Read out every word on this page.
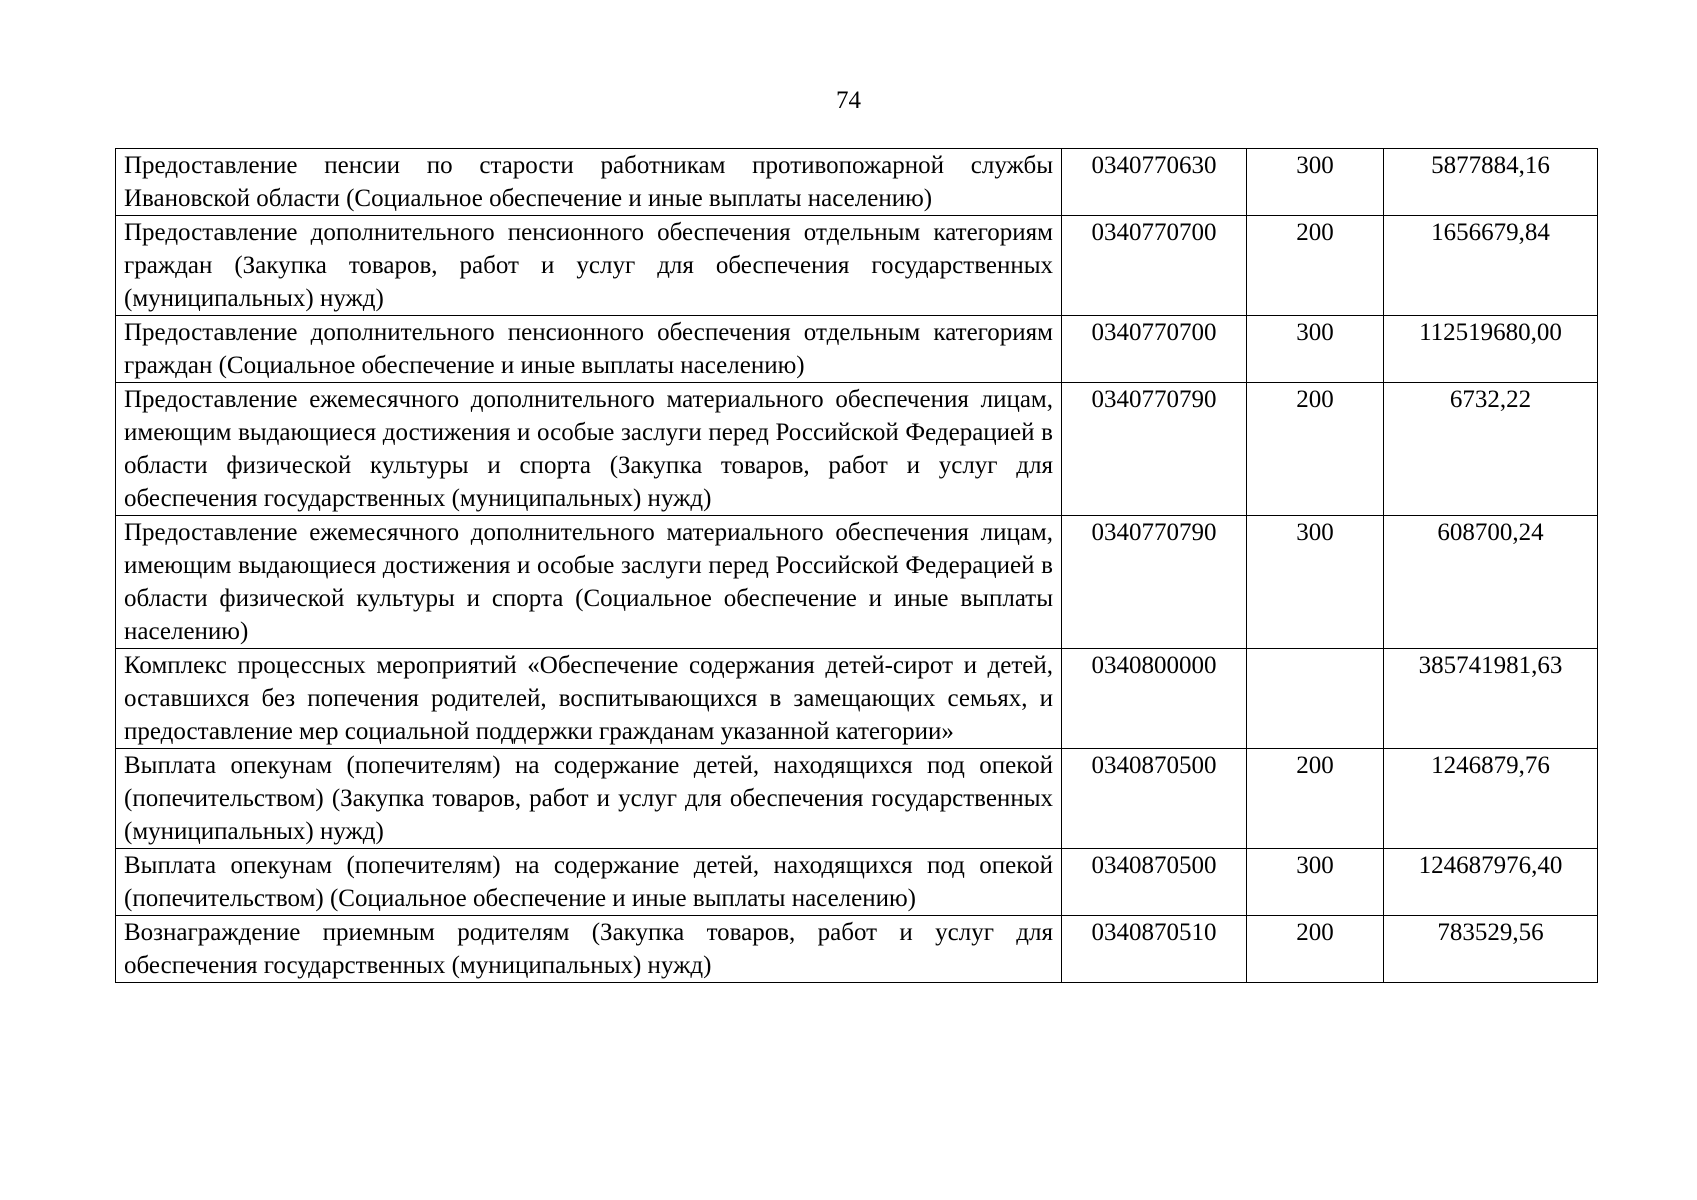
74
Предоставление пенсии по старости работникам противопожарной службы Ивановской области (Социальное обеспечение и иные выплаты населению)	0340770630	300	5877884,16
Предоставление дополнительного пенсионного обеспечения отдельным категориям граждан (Закупка товаров, работ и услуг для обеспечения государственных (муниципальных) нужд)	0340770700	200	1656679,84
Предоставление дополнительного пенсионного обеспечения отдельным категориям граждан (Социальное обеспечение и иные выплаты населению)	0340770700	300	112519680,00
Предоставление ежемесячного дополнительного материального обеспечения лицам, имеющим выдающиеся достижения и особые заслуги перед Российской Федерацией в области физической культуры и спорта (Закупка товаров, работ и услуг для обеспечения государственных (муниципальных) нужд)	0340770790	200	6732,22
Предоставление ежемесячного дополнительного материального обеспечения лицам, имеющим выдающиеся достижения и особые заслуги перед Российской Федерацией в области физической культуры и спорта (Социальное обеспечение и иные выплаты населению)	0340770790	300	608700,24
Комплекс процессных мероприятий «Обеспечение содержания детей-сирот и детей, оставшихся без попечения родителей, воспитывающихся в замещающих семьях, и предоставление мер социальной поддержки гражданам указанной категории»	0340800000		385741981,63
Выплата опекунам (попечителям) на содержание детей, находящихся под опекой (попечительством) (Закупка товаров, работ и услуг для обеспечения государственных (муниципальных) нужд)	0340870500	200	1246879,76
Выплата опекунам (попечителям) на содержание детей, находящихся под опекой (попечительством) (Социальное обеспечение и иные выплаты населению)	0340870500	300	124687976,40
Вознаграждение приемным родителям (Закупка товаров, работ и услуг для обеспечения государственных (муниципальных) нужд)	0340870510	200	783529,56
